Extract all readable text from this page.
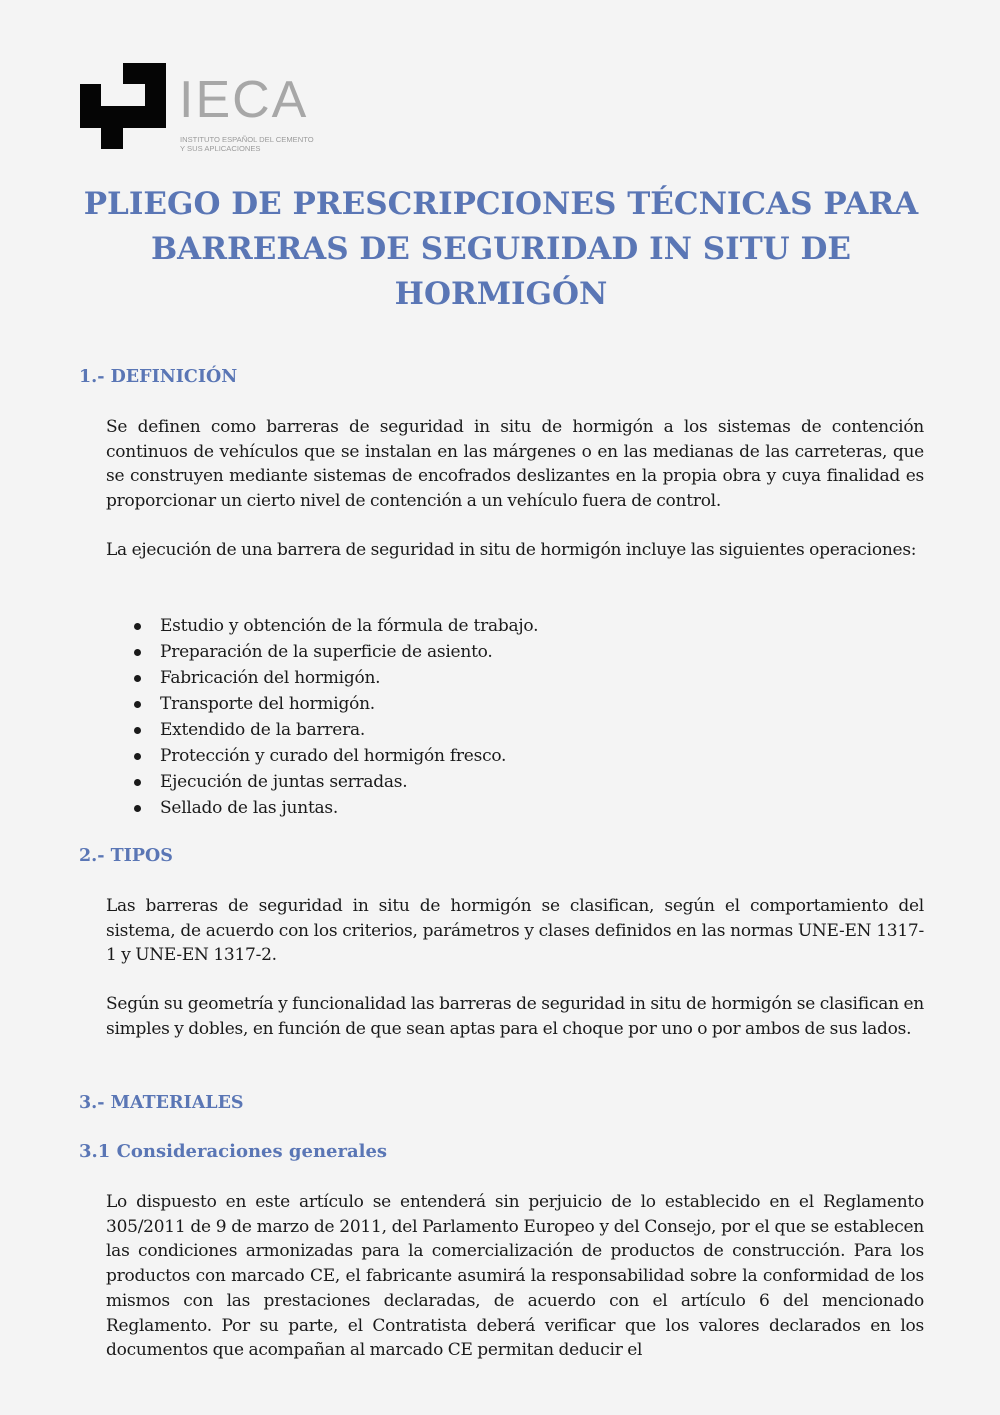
IECA
INSTITUTO ESPAÑOL DEL CEMENTO
Y SUS APLICACIONES
PLIEGO DE PRESCRIPCIONES TÉCNICAS PARA BARRERAS DE SEGURIDAD IN SITU DE HORMIGÓN
1.- DEFINICIÓN

Se definen como barreras de seguridad in situ de hormigón a los sistemas de contención continuos de vehículos que se instalan en las márgenes o en las medianas de las carreteras, que se construyen mediante sistemas de encofrados deslizantes en la propia obra y cuya finalidad es proporcionar un cierto nivel de contención a un vehículo fuera de control.

La ejecución de una barrera de seguridad in situ de hormigón incluye las siguientes operaciones:

Estudio y obtención de la fórmula de trabajo.
Preparación de la superficie de asiento.
Fabricación del hormigón.
Transporte del hormigón.
Extendido de la barrera.
Protección y curado del hormigón fresco.
Ejecución de juntas serradas.
Sellado de las juntas.
2.- TIPOS

Las barreras de seguridad in situ de hormigón se clasifican, según el comportamiento del sistema, de acuerdo con los criterios, parámetros y clases definidos en las normas UNE-EN 1317-1 y UNE-EN 1317-2.

Según su geometría y funcionalidad las barreras de seguridad in situ de hormigón se clasifican en simples y dobles, en función de que sean aptas para el choque por uno o por ambos de sus lados.

3.- MATERIALES
3.1 Consideraciones generales

Lo dispuesto en este artículo se entenderá sin perjuicio de lo establecido en el Reglamento 305/2011 de 9 de marzo de 2011, del Parlamento Europeo y del Consejo, por el que se establecen las condiciones armonizadas para la comercialización de productos de construcción. Para los productos con marcado CE, el fabricante asumirá la responsabilidad sobre la conformidad de los mismos con las prestaciones declaradas, de acuerdo con el artículo 6 del mencionado Reglamento. Por su parte, el Contratista deberá verificar que los valores declarados en los documentos que acompañan al marcado CE permitan deducir el
